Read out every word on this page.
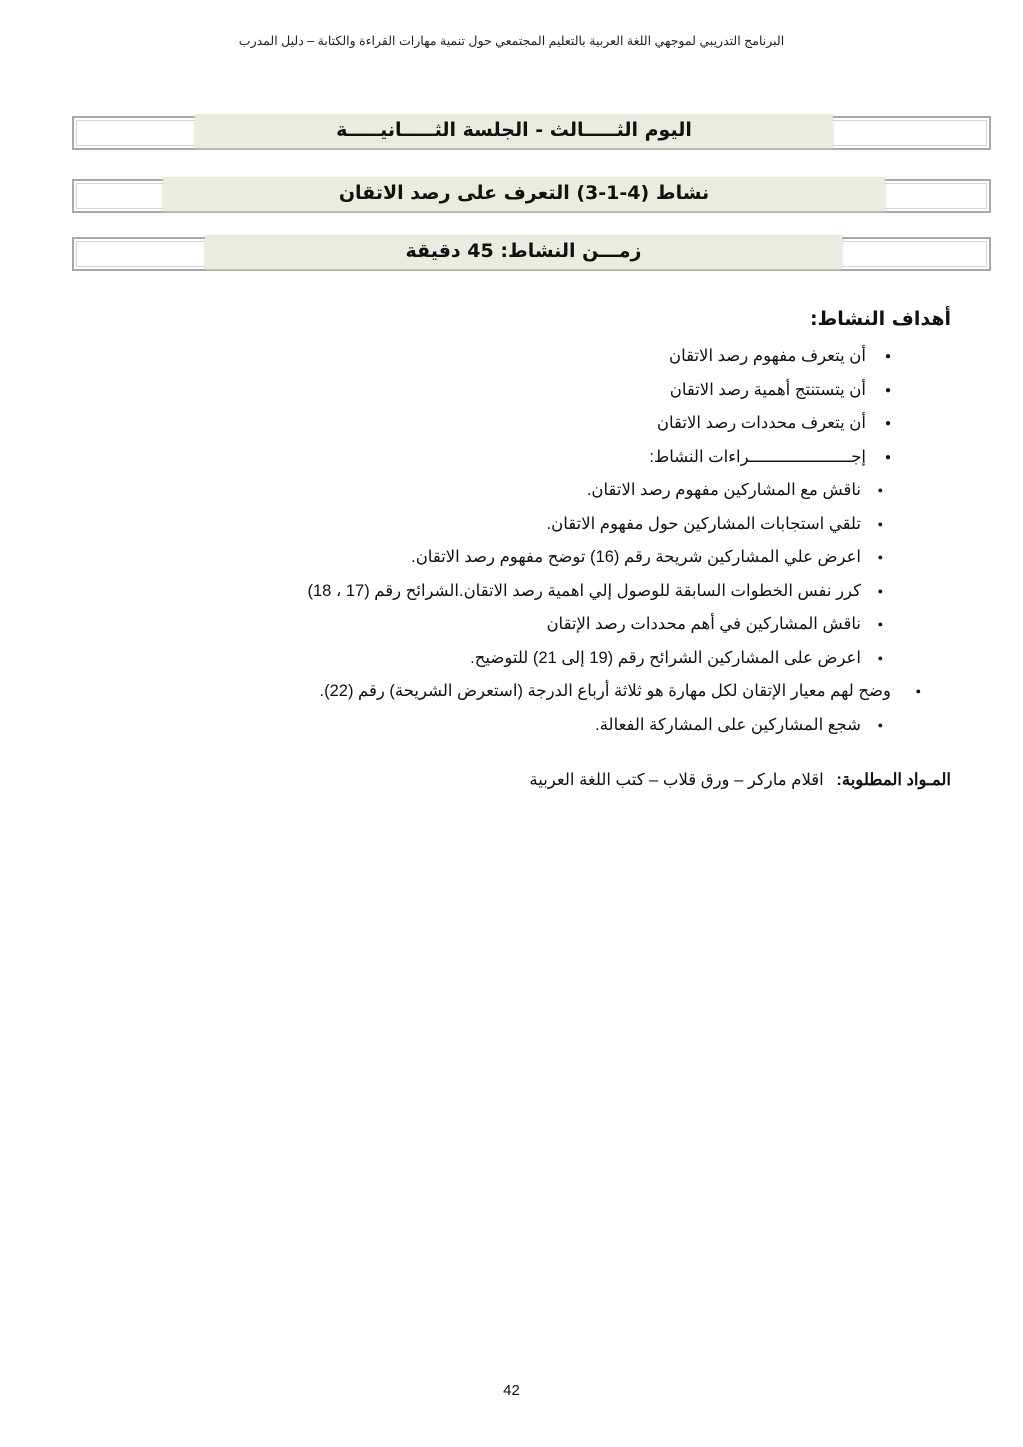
البرنامج التدريبي لموجهي اللغة العربية بالتعليم المجتمعي حول تنمية مهارات القراءة والكتابة – دليل المدرب
اليوم الثـــــالث - الجلسة الثـــــانيـــــة
نشاط (4-1-3) التعرف على رصد الاتقان
زمـــن النشاط: 45 دقيقة
أهداف النشاط:
● أن يتعرف مفهوم رصد الاتقان
● أن يتستنتج أهمية رصد الاتقان
● أن يتعرف محددات رصد الاتقان
● إجـــــــــــــــــــــراءات النشاط:
● ناقش مع المشاركين مفهوم رصد الاتقان.
● تلقي استجابات المشاركين حول مفهوم الاتقان.
● اعرض علي المشاركين شريحة رقم (16) توضح مفهوم رصد الاتقان.
● كرر نفس الخطوات السابقة للوصول إلي اهمية رصد الاتقان.الشرائح رقم (17 ، 18)
● ناقش المشاركين في أهم محددات رصد الإتقان
● اعرض على المشاركين الشرائح رقم (19 إلى 21) للتوضيح.
● وضح لهم معيار الإتقان لكل مهارة هو ثلاثة أرباع الدرجة (استعرض الشريحة) رقم (22).
● شجع المشاركين على المشاركة الفعالة.
المـواد المطلوبة: اقلام ماركر – ورق قلاب – كتب اللغة العربية
42
